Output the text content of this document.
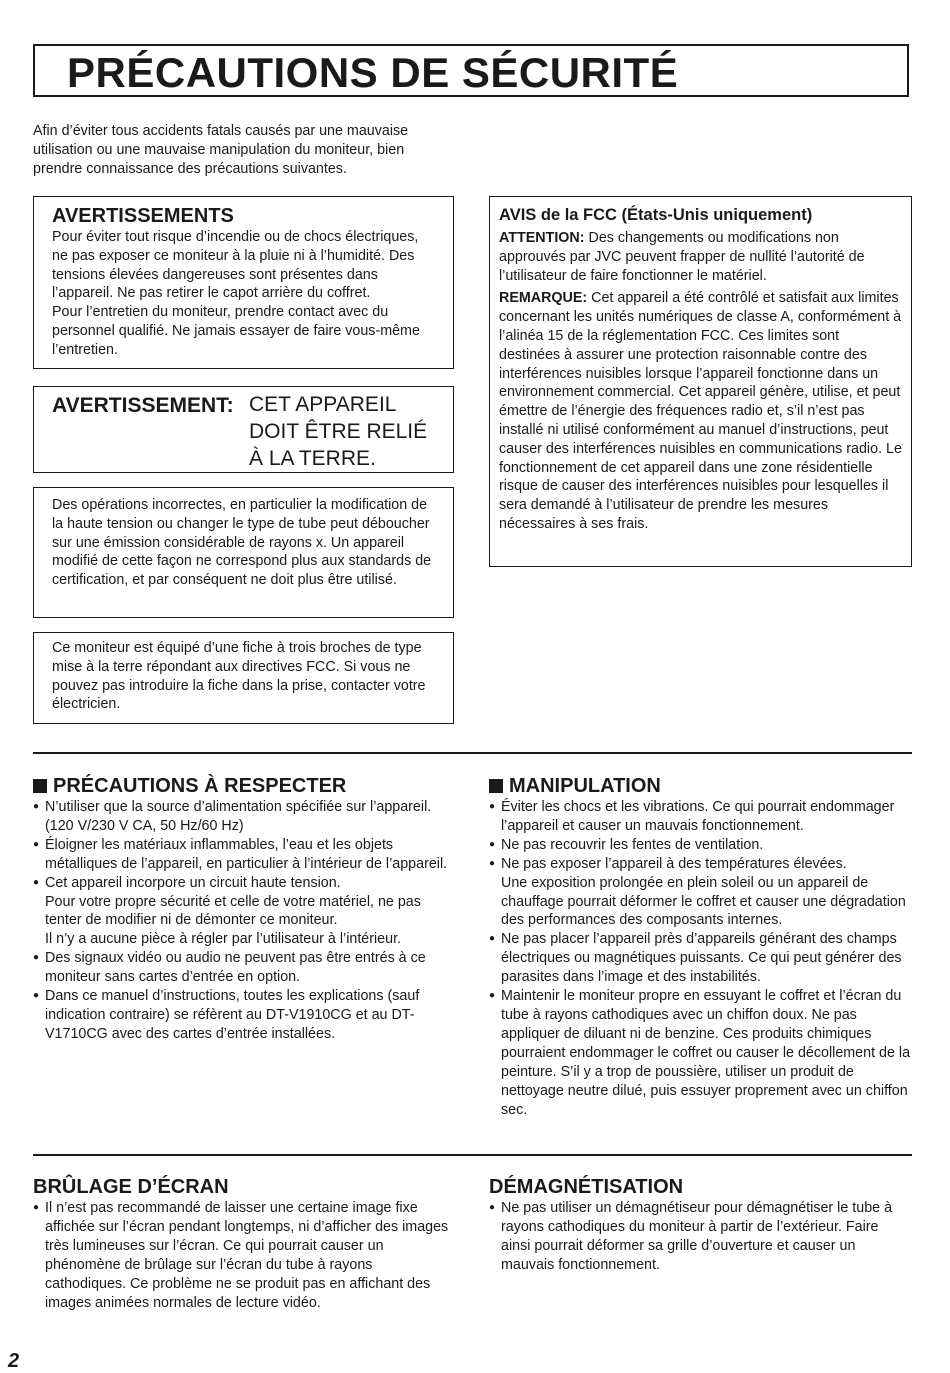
PRÉCAUTIONS DE SÉCURITÉ
Afin d’éviter tous accidents fatals causés par une mauvaise utilisation ou une mauvaise manipulation du moniteur, bien prendre connaissance des précautions suivantes.
AVERTISSEMENTS
Pour éviter tout risque d’incendie ou de chocs électriques, ne pas exposer ce moniteur à la pluie ni à l’humidité. Des tensions élevées dangereuses sont présentes dans l’appareil. Ne pas retirer le capot arrière du coffret.
Pour l’entretien du moniteur, prendre contact avec du personnel qualifié. Ne jamais essayer de faire vous-même l’entretien.
AVERTISSEMENT: CET APPAREIL
DOIT ÊTRE RELIÉ
À LA TERRE.
Des opérations incorrectes, en particulier la modification de la haute tension ou changer le type de tube peut déboucher sur une émission considérable de rayons x. Un appareil modifié de cette façon ne correspond plus aux standards de certification, et par conséquent ne doit plus être utilisé.
Ce moniteur est équipé d’une fiche à trois broches de type mise à la terre répondant aux directives FCC. Si vous ne pouvez pas introduire la fiche dans la prise, contacter votre électricien.
AVIS de la FCC (États-Unis uniquement)
ATTENTION: Des changements ou modifications non approuvés par JVC peuvent frapper de nullité l’autorité de l’utilisateur de faire fonctionner le matériel.
REMARQUE: Cet appareil a été contrôlé et satisfait aux limites concernant les unités numériques de classe A, conformément à l’alinéa 15 de la réglementation FCC. Ces limites sont destinées à assurer une protection raisonnable contre des interférences nuisibles lorsque l’appareil fonctionne dans un environnement commercial. Cet appareil génère, utilise, et peut émettre de l’énergie des fréquences radio et, s’il n’est pas installé ni utilisé conformément au manuel d’instructions, peut causer des interférences nuisibles en communications radio. Le fonctionnement de cet appareil dans une zone résidentielle risque de causer des interférences nuisibles pour lesquelles il sera demandé à l’utilisateur de prendre les mesures nécessaires à ses frais.
PRÉCAUTIONS À RESPECTER
● N’utiliser que la source d’alimentation spécifiée sur l’appareil. (120 V/230 V CA, 50 Hz/60 Hz)
● Éloigner les matériaux inflammables, l’eau et les objets métalliques de l’appareil, en particulier à l’intérieur de l’appareil.
● Cet appareil incorpore un circuit haute tension.
Pour votre propre sécurité et celle de votre matériel, ne pas tenter de modifier ni de démonter ce moniteur.
Il n’y a aucune pièce à régler par l’utilisateur à l’intérieur.
● Des signaux vidéo ou audio ne peuvent pas être entrés à ce moniteur sans cartes d’entrée en option.
● Dans ce manuel d’instructions, toutes les explications (sauf indication contraire) se réfèrent au DT-V1910CG et au DT-V1710CG avec des cartes d’entrée installées.
MANIPULATION
● Éviter les chocs et les vibrations. Ce qui pourrait endommager l’appareil et causer un mauvais fonctionnement.
● Ne pas recouvrir les fentes de ventilation.
● Ne pas exposer l’appareil à des températures élevées.
Une exposition prolongée en plein soleil ou un appareil de chauffage pourrait déformer le coffret et causer une dégradation des performances des composants internes.
● Ne pas placer l’appareil près d’appareils générant des champs électriques ou magnétiques puissants. Ce qui peut générer des parasites dans l’image et des instabilités.
● Maintenir le moniteur propre en essuyant le coffret et l’écran du tube à rayons cathodiques avec un chiffon doux. Ne pas appliquer de diluant ni de benzine. Ces produits chimiques pourraient endommager le coffret ou causer le décollement de la peinture. S’il y a trop de poussière, utiliser un produit de nettoyage neutre dilué, puis essuyer proprement avec un chiffon sec.
BRÛLAGE D’ÉCRAN
● Il n’est pas recommandé de laisser une certaine image fixe affichée sur l’écran pendant longtemps, ni d’afficher des images très lumineuses sur l’écran. Ce qui pourrait causer un phénomène de brûlage sur l’écran du tube à rayons cathodiques. Ce problème ne se produit pas en affichant des images animées normales de lecture vidéo.
DÉMAGNÉTISATION
● Ne pas utiliser un démagnétiseur pour démagnétiser le tube à rayons cathodiques du moniteur à partir de l’extérieur. Faire ainsi pourrait déformer sa grille d’ouverture et causer un mauvais fonctionnement.
2
